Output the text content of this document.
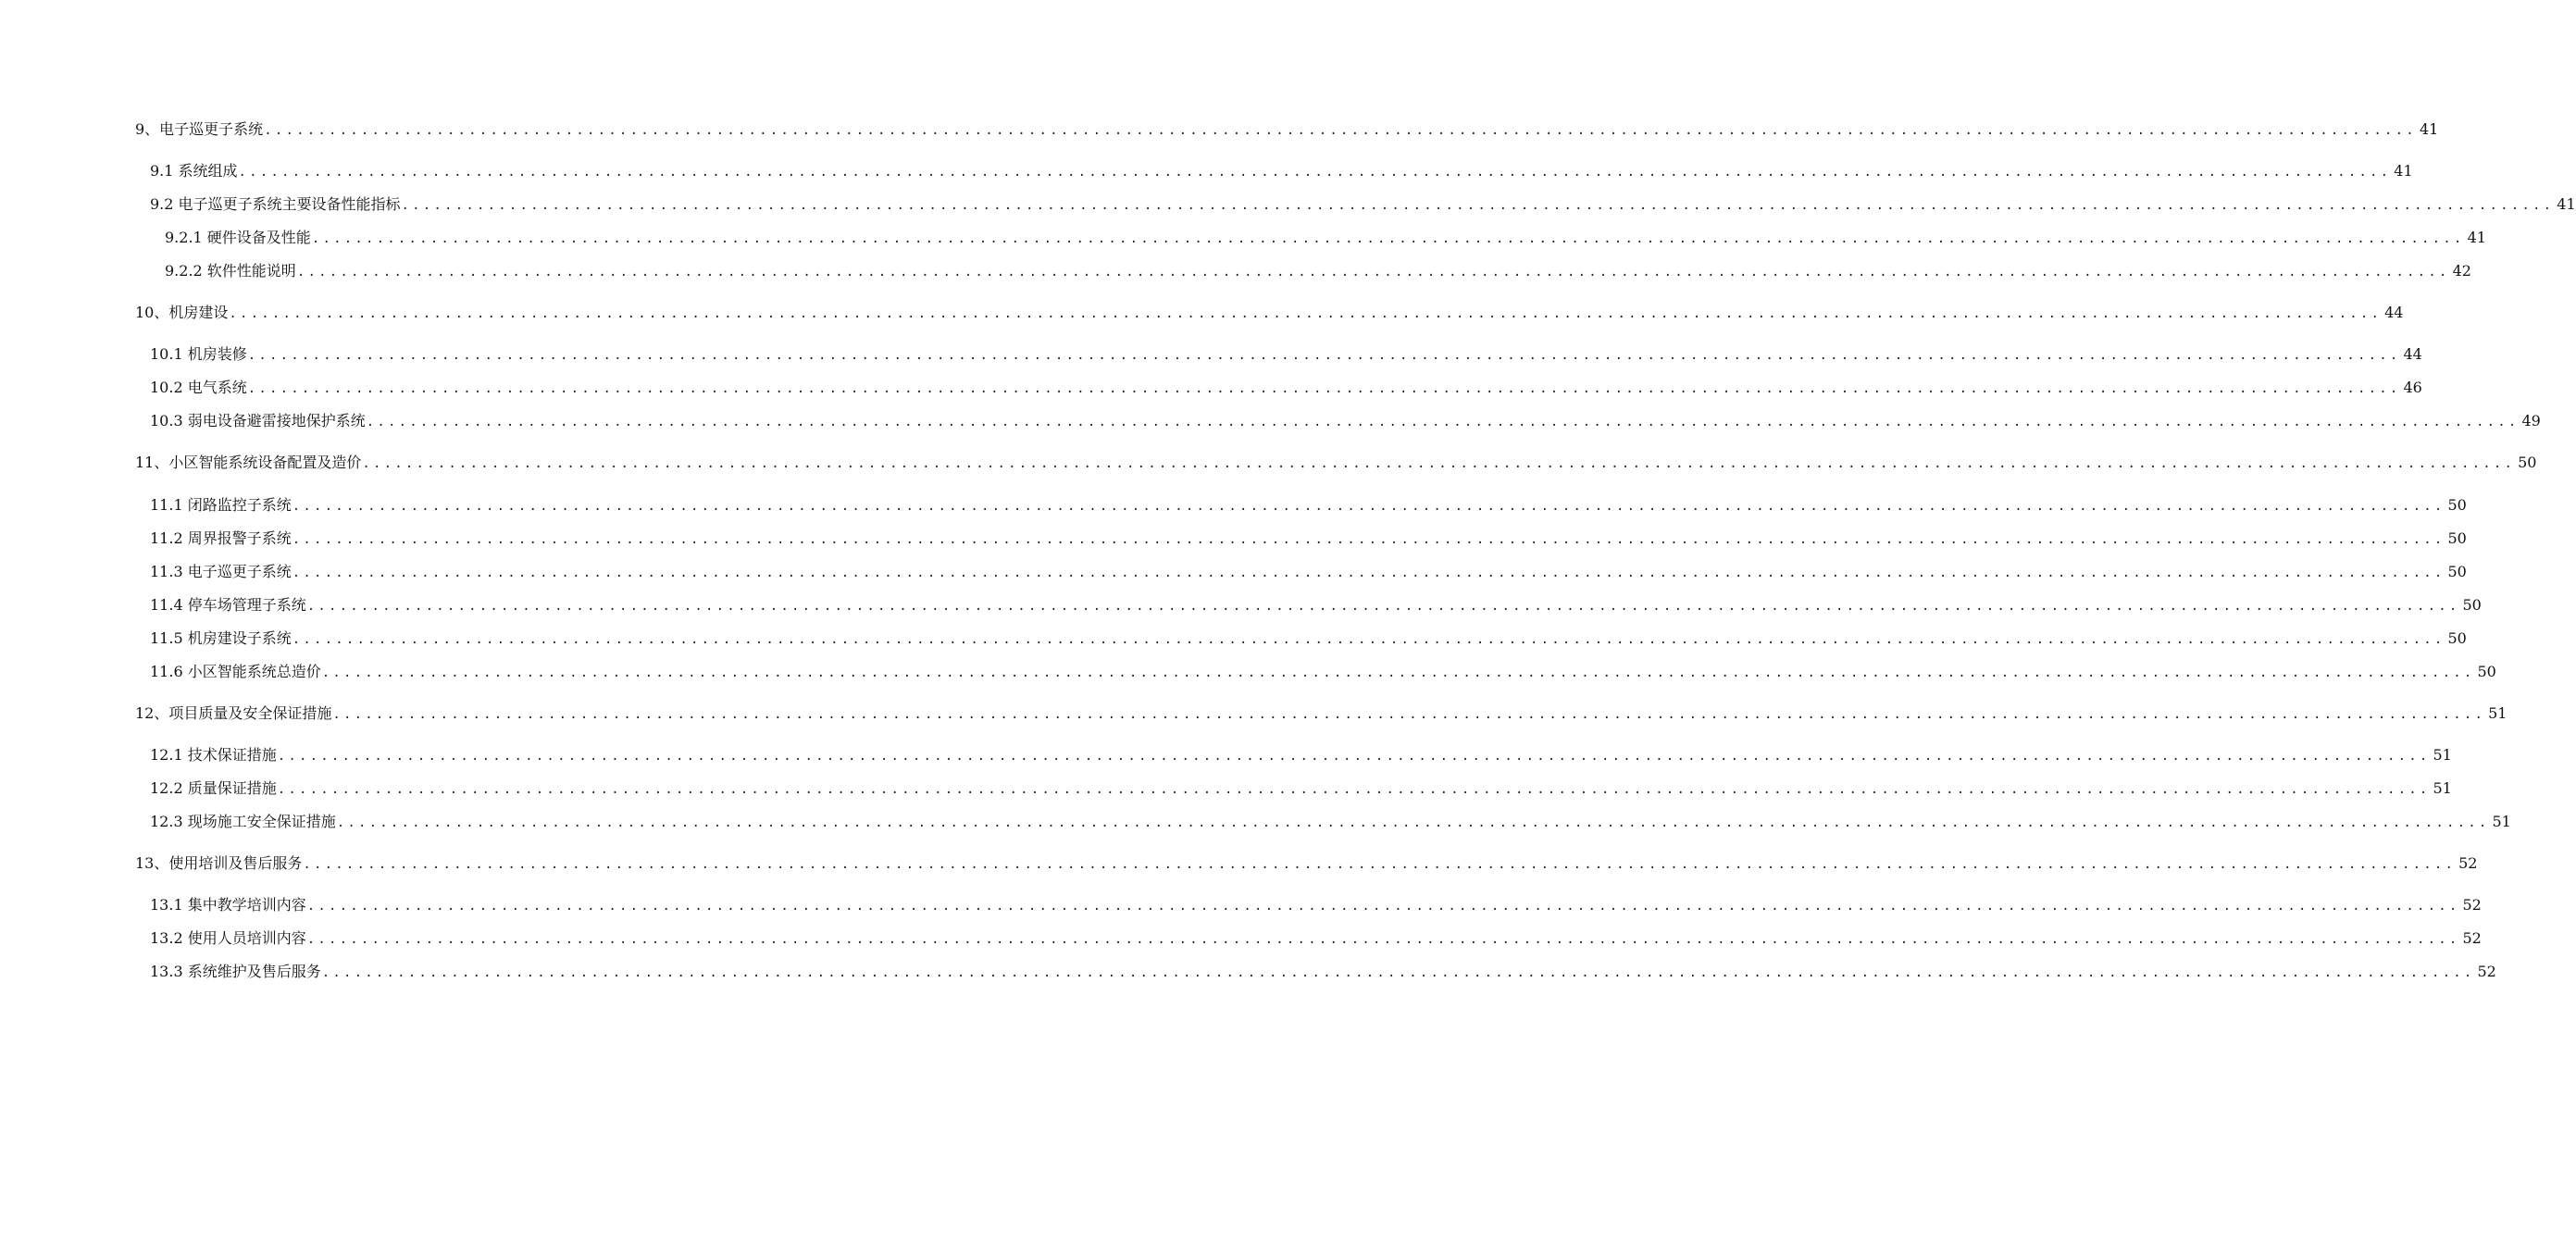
9、电子巡更子系统 ........................................................................................................................................................................................................ 41
9.1 系统组成 ........................................................................................................................................................................................................ 41
9.2 电子巡更子系统主要设备性能指标 ........................................................................................................................................................................................................ 41
9.2.1 硬件设备及性能 ........................................................................................................................................................................................................ 41
9.2.2 软件性能说明 ........................................................................................................................................................................................................ 42
10、机房建设 ........................................................................................................................................................................................................ 44
10.1 机房装修 ........................................................................................................................................................................................................ 44
10.2 电气系统 ........................................................................................................................................................................................................ 46
10.3 弱电设备避雷接地保护系统 ........................................................................................................................................................................................................ 49
11、小区智能系统设备配置及造价 ........................................................................................................................................................................................................ 50
11.1 闭路监控子系统 ........................................................................................................................................................................................................ 50
11.2 周界报警子系统 ........................................................................................................................................................................................................ 50
11.3 电子巡更子系统 ........................................................................................................................................................................................................ 50
11.4 停车场管理子系统 ........................................................................................................................................................................................................ 50
11.5 机房建设子系统 ........................................................................................................................................................................................................ 50
11.6 小区智能系统总造价 ........................................................................................................................................................................................................ 50
12、项目质量及安全保证措施 ........................................................................................................................................................................................................ 51
12.1 技术保证措施 ........................................................................................................................................................................................................ 51
12.2 质量保证措施 ........................................................................................................................................................................................................ 51
12.3 现场施工安全保证措施 ........................................................................................................................................................................................................ 51
13、使用培训及售后服务 ........................................................................................................................................................................................................ 52
13.1 集中教学培训内容 ........................................................................................................................................................................................................ 52
13.2 使用人员培训内容 ........................................................................................................................................................................................................ 52
13.3 系统维护及售后服务 ........................................................................................................................................................................................................ 52
